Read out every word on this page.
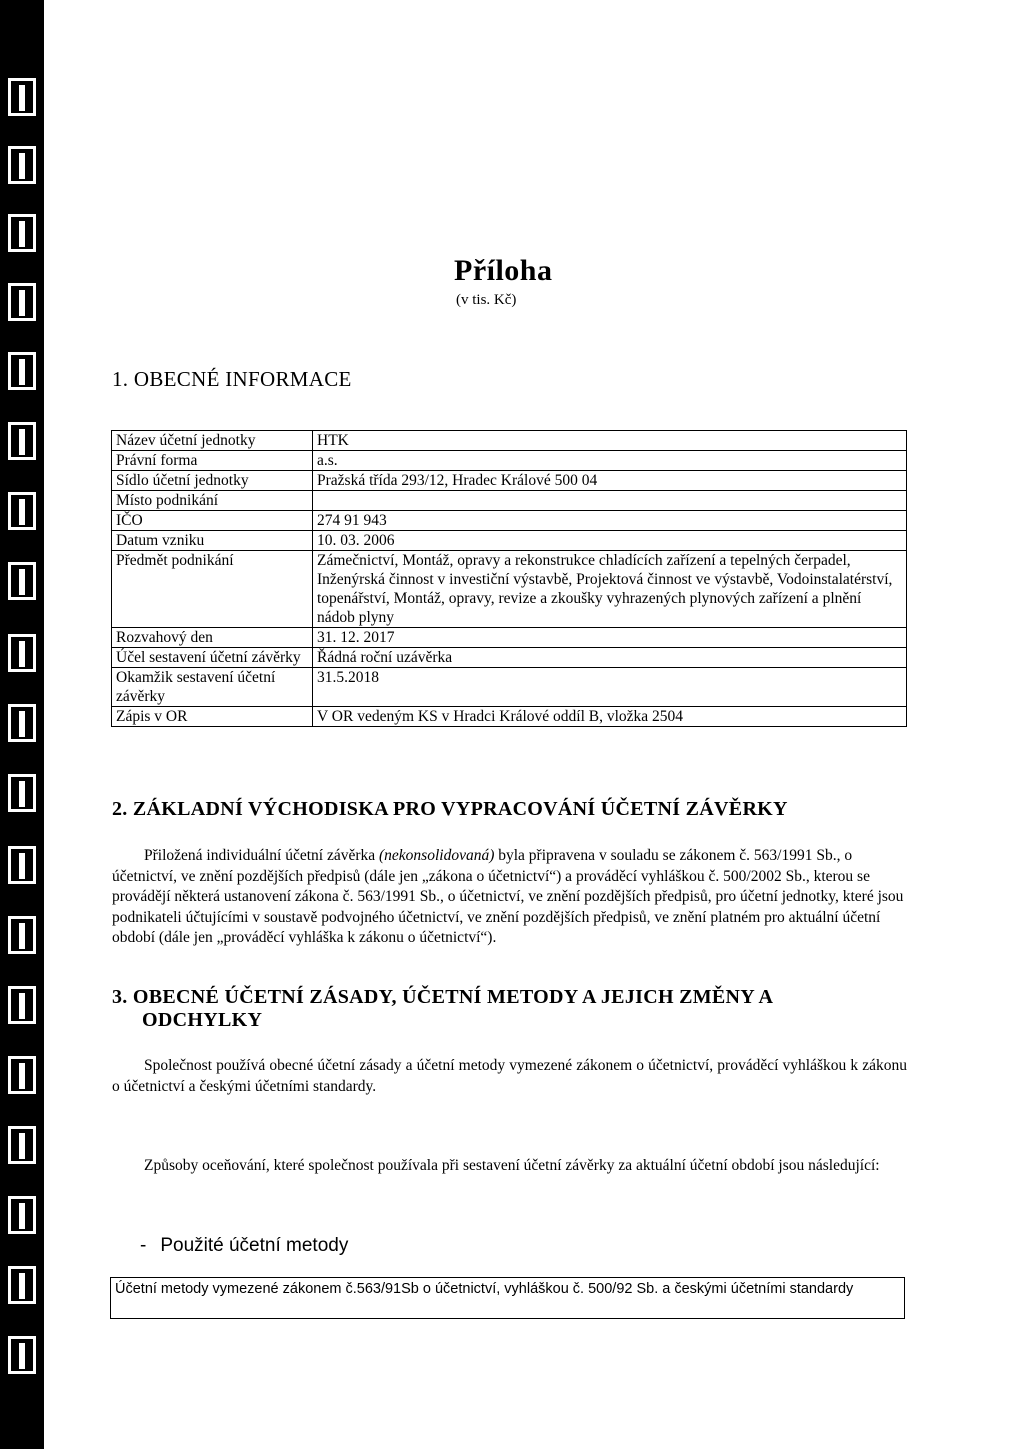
Příloha
(v tis. Kč)
1. OBECNÉ INFORMACE
Název účetní jednotky	HTK
Právní forma	a.s.
Sídlo účetní jednotky	Pražská třída 293/12, Hradec Králové 500 04
Místo podnikání	
IČO	274 91 943
Datum vzniku	10. 03. 2006
Předmět podnikání	Zámečnictví, Montáž, opravy a rekonstrukce chladících zařízení a tepelných čerpadel, Inženýrská činnost v investiční výstavbě, Projektová činnost ve výstavbě, Vodoinstalatérství, topenářství, Montáž, opravy, revize a zkoušky vyhrazených plynových zařízení a plnění nádob plyny
Rozvahový den	31. 12. 2017
Účel sestavení účetní závěrky	Řádná roční uzávěrka
Okamžik sestavení účetní závěrky	31.5.2018
Zápis v OR	V OR vedeným KS v Hradci Králové oddíl B, vložka 2504
2. ZÁKLADNÍ VÝCHODISKA PRO VYPRACOVÁNÍ ÚČETNÍ ZÁVĚRKY
Přiložená individuální účetní závěrka (nekonsolidovaná) byla připravena v souladu se zákonem č. 563/1991 Sb., o účetnictví, ve znění pozdějších předpisů (dále jen „zákona o účetnictví“) a prováděcí vyhláškou č. 500/2002 Sb., kterou se provádějí některá ustanovení zákona č. 563/1991 Sb., o účetnictví, ve znění pozdějších předpisů, pro účetní jednotky, které jsou podnikateli účtujícími v soustavě podvojného účetnictví, ve znění pozdějších předpisů, ve znění platném pro aktuální účetní období (dále jen „prováděcí vyhláška k zákonu o účetnictví“).
3. OBECNÉ ÚČETNÍ ZÁSADY, ÚČETNÍ METODY A JEJICH ZMĚNY A
ODCHYLKY
Společnost používá obecné účetní zásady a účetní metody vymezené zákonem o účetnictví, prováděcí vyhláškou k zákonu o účetnictví a českými účetními standardy.
Způsoby oceňování, které společnost používala při sestavení účetní závěrky za aktuální účetní období jsou následující:
- Použité účetní metody
Účetní metody vymezené zákonem č.563/91Sb o účetnictví, vyhláškou č. 500/92 Sb. a českými účetními standardy
